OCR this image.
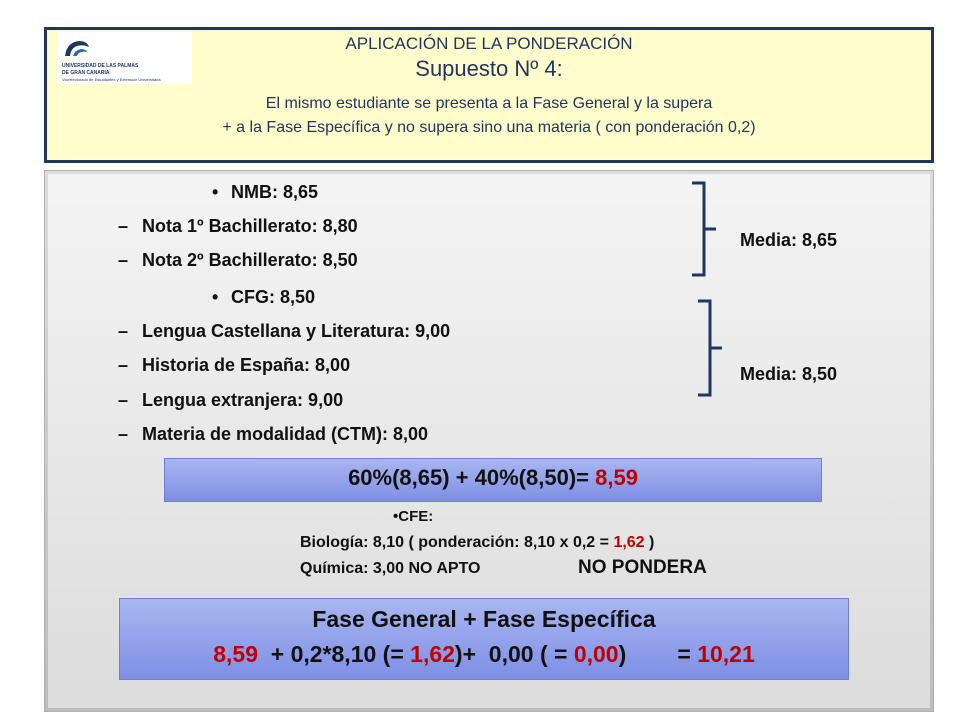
UNIVERSIDAD DE LAS PALMAS
DE GRAN CANARIA
Vicerrectorado de Estudiantes y Extensión Universitaria
APLICACIÓN DE LA PONDERACIÓN
Supuesto Nº 4:
El mismo estudiante se presenta a la Fase General y la supera
+ a la Fase Específica y no supera sino una materia ( con ponderación 0,2)
• NMB: 8,65
– Nota 1º Bachillerato: 8,80
– Nota 2º Bachillerato: 8,50
• CFG: 8,50
– Lengua Castellana y Literatura: 9,00
– Historia de España: 8,00
– Lengua extranjera: 9,00
– Materia de modalidad (CTM): 8,00
Media: 8,65
Media: 8,50
60%(8,65) + 40%(8,50)= 8,59
•CFE:
Biología: 8,10 ( ponderación: 8,10 x 0,2 = 1,62 )
Química: 3,00 NO APTO	NO PONDERA
Fase General + Fase Específica
8,59  + 0,2*8,10 (= 1,62)+  0,00 ( = 0,00)        = 10,21
